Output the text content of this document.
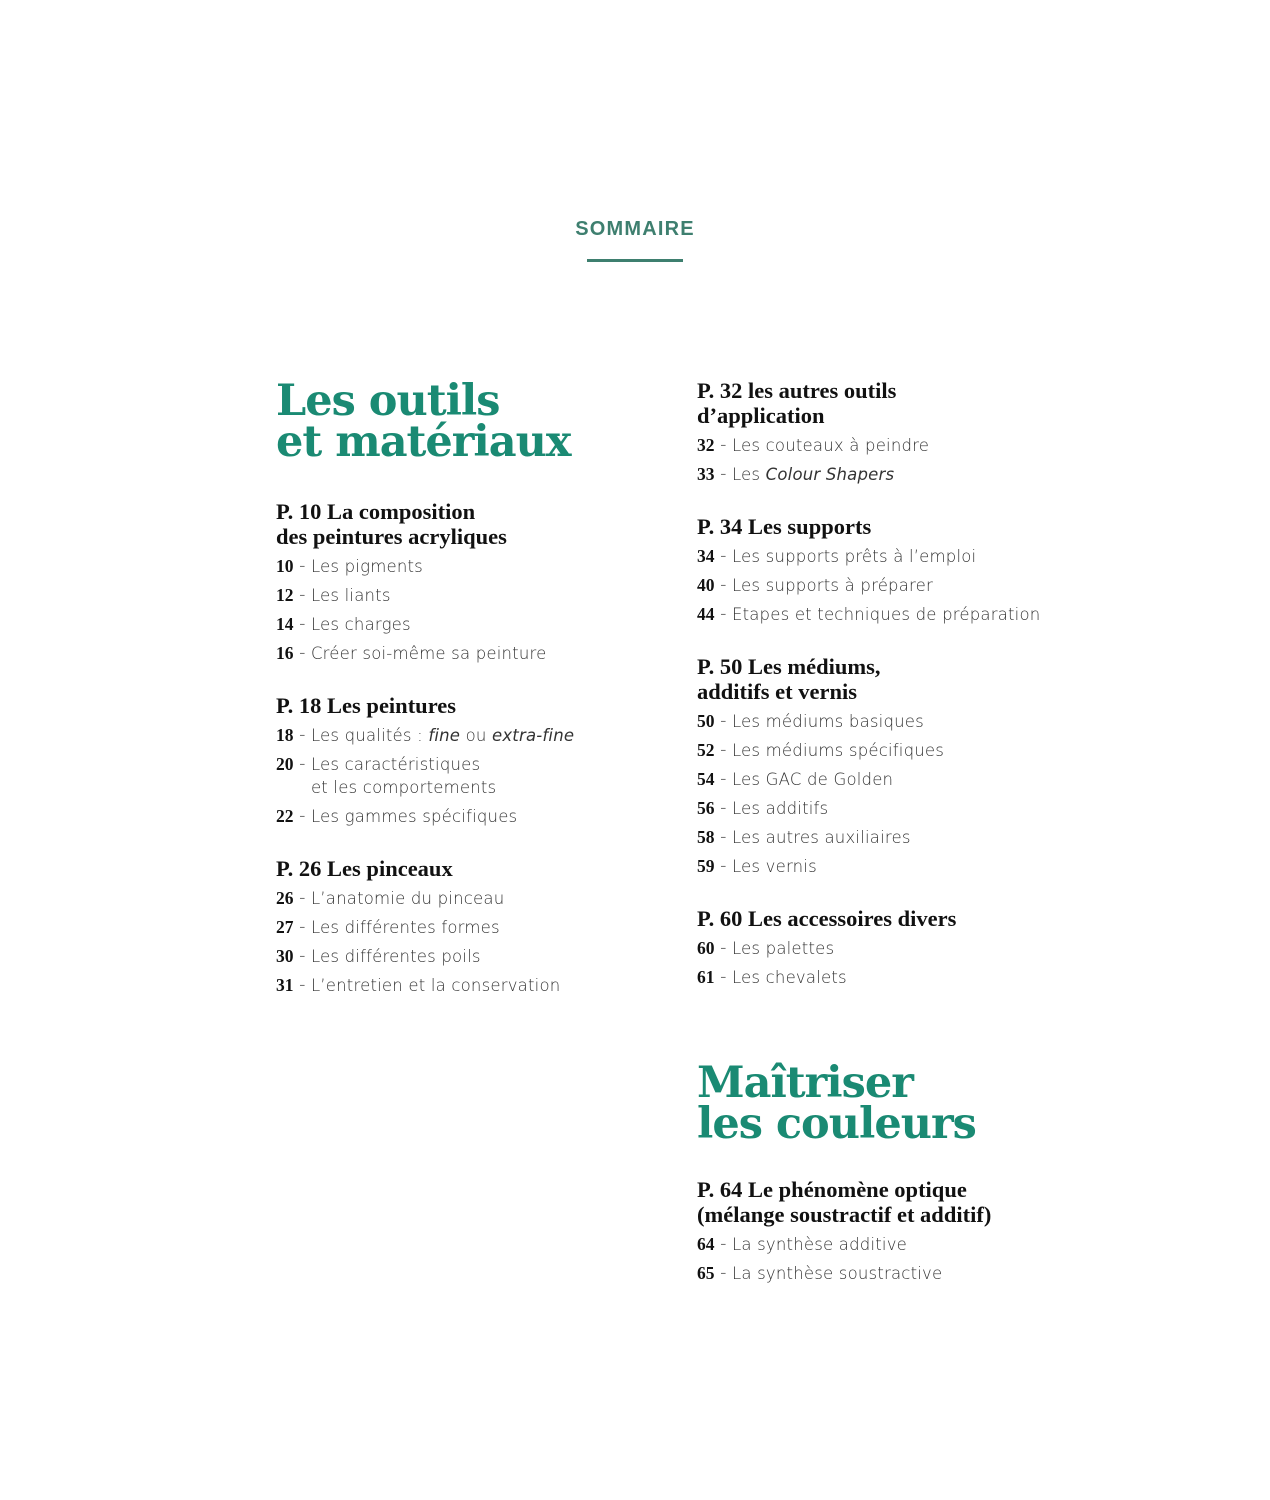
SOMMAIRE
Les outils
et matériaux
P. 10 La composition
des peintures acryliques
10 - Les pigments
12 - Les liants
14 - Les charges
16 - Créer soi-même sa peinture
P. 18 Les peintures
18 - Les qualités : fine ou extra-fine
20 - Les caractéristiques
et les comportements
22 - Les gammes spécifiques
P. 26 Les pinceaux
26 - L’anatomie du pinceau
27 - Les différentes formes
30 - Les différentes poils
31 - L’entretien et la conservation
P. 32 les autres outils
d’application
32 - Les couteaux à peindre
33 - Les Colour Shapers
P. 34 Les supports
34 - Les supports prêts à l’emploi
40 - Les supports à préparer
44 - Etapes et techniques de préparation
P. 50 Les médiums,
additifs et vernis
50 - Les médiums basiques
52 - Les médiums spécifiques
54 - Les GAC de Golden
56 - Les additifs
58 - Les autres auxiliaires
59 - Les vernis
P. 60 Les accessoires divers
60 - Les palettes
61 - Les chevalets
Maîtriser
les couleurs
P. 64 Le phénomène optique
(mélange soustractif et additif)
64 - La synthèse additive
65 - La synthèse soustractive
